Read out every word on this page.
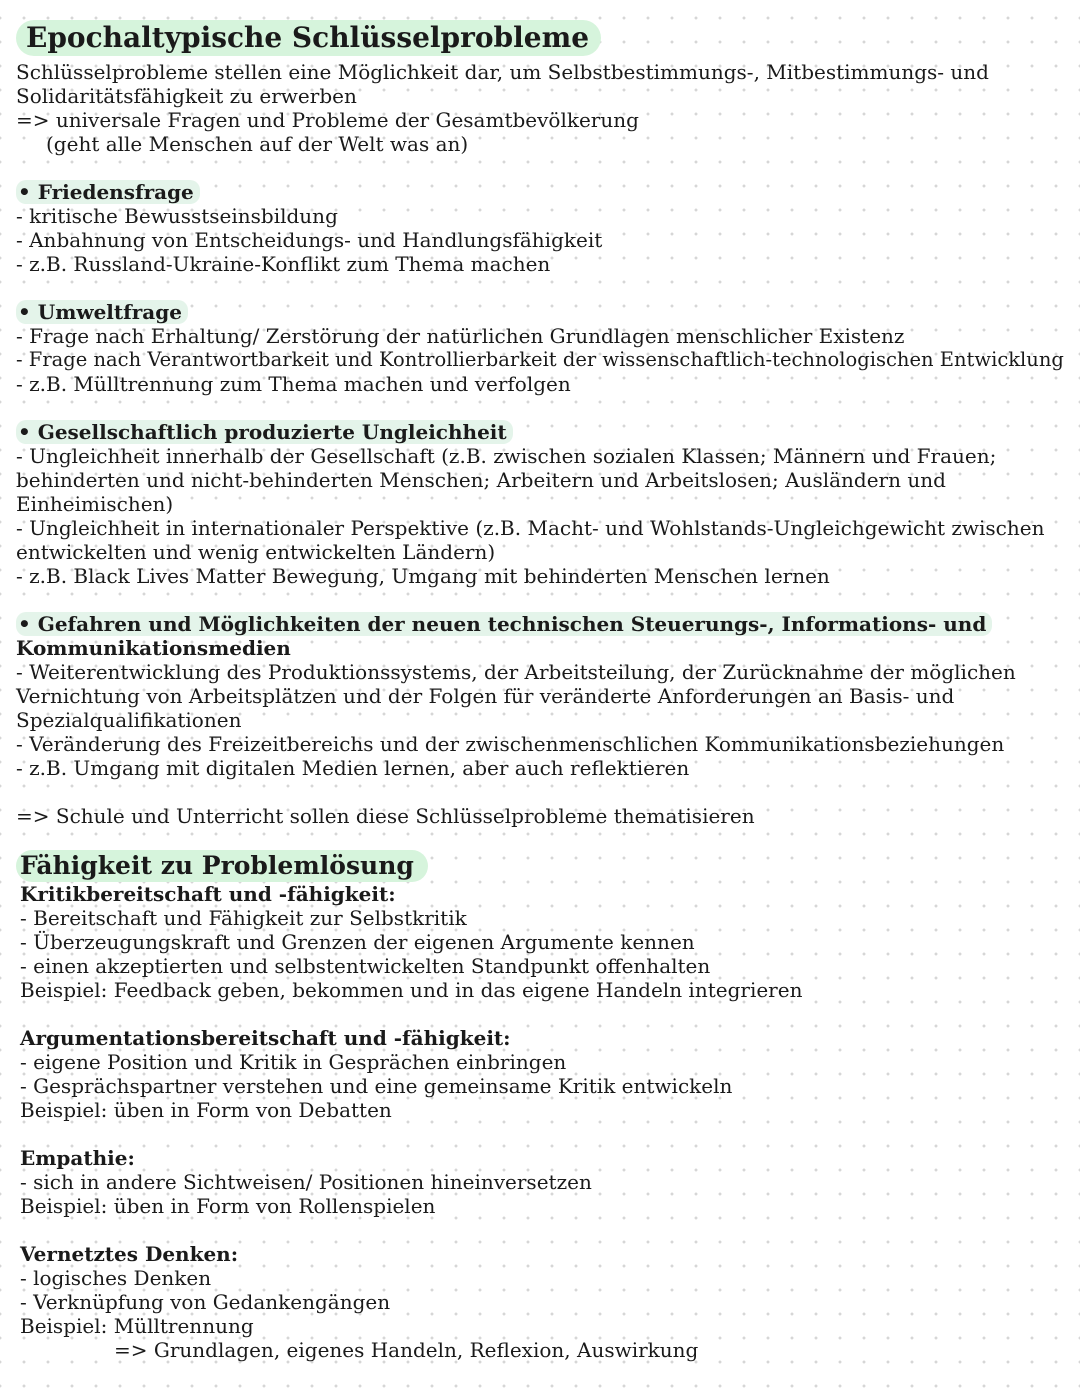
Epochaltypische Schlüsselprobleme
Schlüsselprobleme stellen eine Möglichkeit dar, um Selbstbestimmungs-, Mitbestimmungs- und
Solidaritätsfähigkeit zu erwerben
=> universale Fragen und Probleme der Gesamtbevölkerung
(geht alle Menschen auf der Welt was an)
• Friedensfrage
- kritische Bewusstseinsbildung
- Anbahnung von Entscheidungs- und Handlungsfähigkeit
- z.B. Russland-Ukraine-Konflikt zum Thema machen
• Umweltfrage
- Frage nach Erhaltung/ Zerstörung der natürlichen Grundlagen menschlicher Existenz
- Frage nach Verantwortbarkeit und Kontrollierbarkeit der wissenschaftlich-technologischen Entwicklung
- z.B. Mülltrennung zum Thema machen und verfolgen
• Gesellschaftlich produzierte Ungleichheit
- Ungleichheit innerhalb der Gesellschaft (z.B. zwischen sozialen Klassen; Männern und Frauen;
behinderten und nicht-behinderten Menschen; Arbeitern und Arbeitslosen; Ausländern und
Einheimischen)
- Ungleichheit in internationaler Perspektive (z.B. Macht- und Wohlstands-Ungleichgewicht zwischen
entwickelten und wenig entwickelten Ländern)
- z.B. Black Lives Matter Bewegung, Umgang mit behinderten Menschen lernen
• Gefahren und Möglichkeiten der neuen technischen Steuerungs-, Informations- und
Kommunikationsmedien
- Weiterentwicklung des Produktionssystems, der Arbeitsteilung, der Zurücknahme der möglichen
Vernichtung von Arbeitsplätzen und der Folgen für veränderte Anforderungen an Basis- und
Spezialqualifikationen
- Veränderung des Freizeitbereichs und der zwischenmenschlichen Kommunikationsbeziehungen
- z.B. Umgang mit digitalen Medien lernen, aber auch reflektieren
=> Schule und Unterricht sollen diese Schlüsselprobleme thematisieren
Fähigkeit zu Problemlösung
Kritikbereitschaft und -fähigkeit:
- Bereitschaft und Fähigkeit zur Selbstkritik
- Überzeugungskraft und Grenzen der eigenen Argumente kennen
- einen akzeptierten und selbstentwickelten Standpunkt offenhalten
Beispiel: Feedback geben, bekommen und in das eigene Handeln integrieren
Argumentationsbereitschaft und -fähigkeit:
- eigene Position und Kritik in Gesprächen einbringen
- Gesprächspartner verstehen und eine gemeinsame Kritik entwickeln
Beispiel: üben in Form von Debatten
Empathie:
- sich in andere Sichtweisen/ Positionen hineinversetzen
Beispiel: üben in Form von Rollenspielen
Vernetztes Denken:
- logisches Denken
- Verknüpfung von Gedankengängen
Beispiel: Mülltrennung
=> Grundlagen, eigenes Handeln, Reflexion, Auswirkung
